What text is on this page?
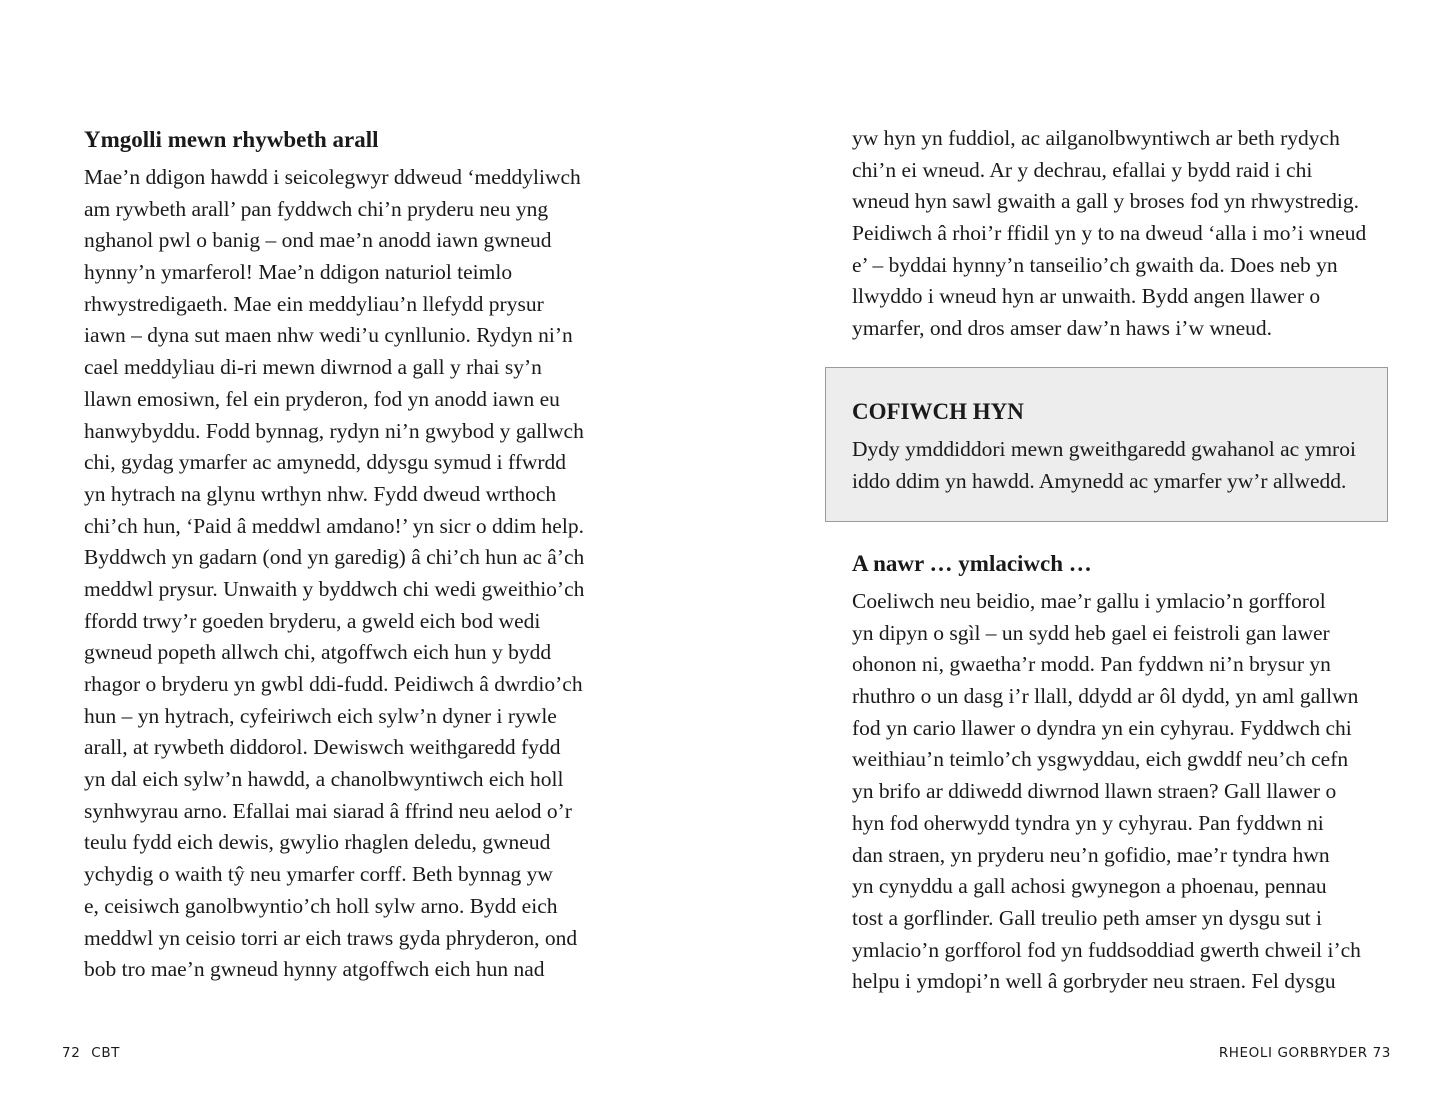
Ymgolli mewn rhywbeth arall
Mae’n ddigon hawdd i seicolegwyr ddweud ‘meddyliwch
am rywbeth arall’ pan fyddwch chi’n pryderu neu yng
nghanol pwl o banig – ond mae’n anodd iawn gwneud
hynny’n ymarferol! Mae’n ddigon naturiol teimlo
rhwystredigaeth. Mae ein meddyliau’n llefydd prysur
iawn – dyna sut maen nhw wedi’u cynllunio. Rydyn ni’n
cael meddyliau di-ri mewn diwrnod a gall y rhai sy’n
llawn emosiwn, fel ein pryderon, fod yn anodd iawn eu
hanwybyddu. Fodd bynnag, rydyn ni’n gwybod y gallwch
chi, gydag ymarfer ac amynedd, ddysgu symud i ffwrdd
yn hytrach na glynu wrthyn nhw. Fydd dweud wrthoch
chi’ch hun, ‘Paid â meddwl amdano!’ yn sicr o ddim help.
Byddwch yn gadarn (ond yn garedig) â chi’ch hun ac â’ch
meddwl prysur. Unwaith y byddwch chi wedi gweithio’ch
ffordd trwy’r goeden bryderu, a gweld eich bod wedi
gwneud popeth allwch chi, atgoffwch eich hun y bydd
rhagor o bryderu yn gwbl ddi-fudd. Peidiwch â dwrdio’ch
hun – yn hytrach, cyfeiriwch eich sylw’n dyner i rywle
arall, at rywbeth diddorol. Dewiswch weithgaredd fydd
yn dal eich sylw’n hawdd, a chanolbwyntiwch eich holl
synhwyrau arno. Efallai mai siarad â ffrind neu aelod o’r
teulu fydd eich dewis, gwylio rhaglen deledu, gwneud
ychydig o waith tŷ neu ymarfer corff. Beth bynnag yw
e, ceisiwch ganolbwyntio’ch holl sylw arno. Bydd eich
meddwl yn ceisio torri ar eich traws gyda phryderon, ond
bob tro mae’n gwneud hynny atgoffwch eich hun nad
72 CBT
yw hyn yn fuddiol, ac ailganolbwyntiwch ar beth rydych
chi’n ei wneud. Ar y dechrau, efallai y bydd raid i chi
wneud hyn sawl gwaith a gall y broses fod yn rhwystredig.
Peidiwch â rhoi’r ffidil yn y to na dweud ‘alla i mo’i wneud
e’ – byddai hynny’n tanseilio’ch gwaith da. Does neb yn
llwyddo i wneud hyn ar unwaith. Bydd angen llawer o
ymarfer, ond dros amser daw’n haws i’w wneud.
COFIWCH HYN
Dydy ymddiddori mewn gweithgaredd gwahanol ac ymroi
iddo ddim yn hawdd. Amynedd ac ymarfer yw’r allwedd.
A nawr … ymlaciwch …
Coeliwch neu beidio, mae’r gallu i ymlacio’n gorfforol
yn dipyn o sgìl – un sydd heb gael ei feistroli gan lawer
ohonon ni, gwaetha’r modd. Pan fyddwn ni’n brysur yn
rhuthro o un dasg i’r llall, ddydd ar ôl dydd, yn aml gallwn
fod yn cario llawer o dyndra yn ein cyhyrau. Fyddwch chi
weithiau’n teimlo’ch ysgwyddau, eich gwddf neu’ch cefn
yn brifo ar ddiwedd diwrnod llawn straen? Gall llawer o
hyn fod oherwydd tyndra yn y cyhyrau. Pan fyddwn ni
dan straen, yn pryderu neu’n gofidio, mae’r tyndra hwn
yn cynyddu a gall achosi gwynegon a phoenau, pennau
tost a gorflinder. Gall treulio peth amser yn dysgu sut i
ymlacio’n gorfforol fod yn fuddsoddiad gwerth chweil i’ch
helpu i ymdopi’n well â gorbryder neu straen. Fel dysgu
RHEOLI GORBRYDER 73
